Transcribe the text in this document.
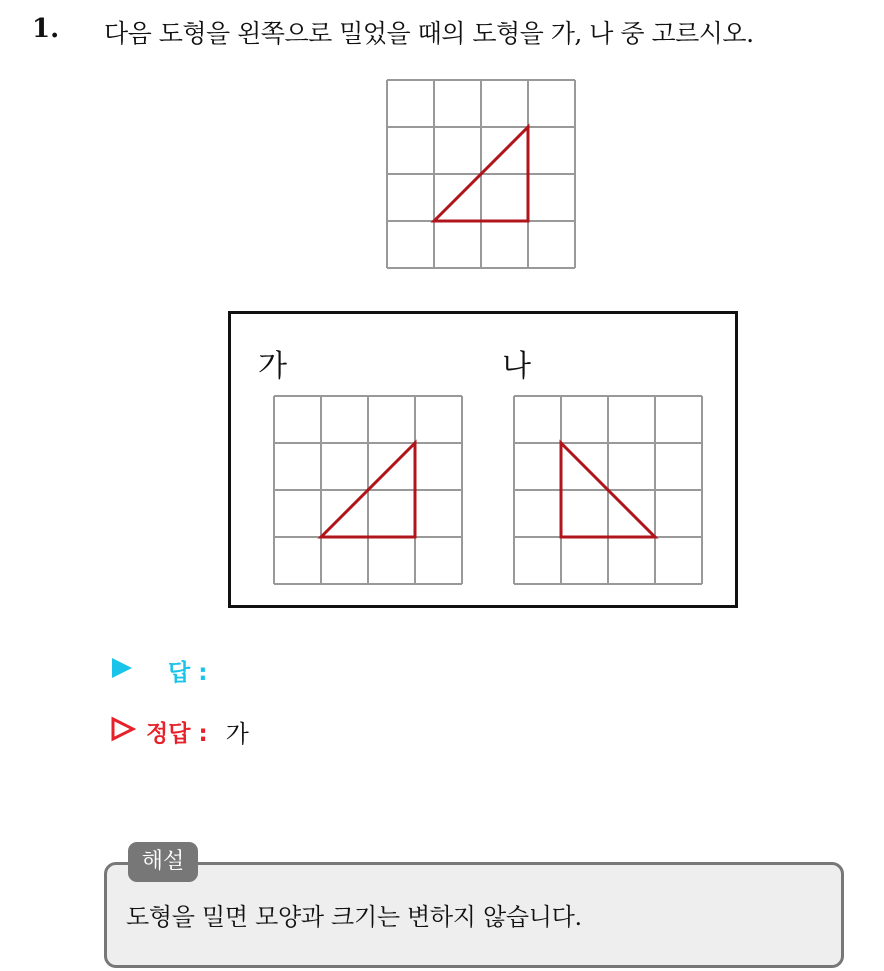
1. 다음 도형을 왼쪽으로 밀었을 때의 도형을 가, 나 중 고르시오.
가	나
답 :
정답 : 가
해설
도형을 밀면 모양과 크기는 변하지 않습니다.
